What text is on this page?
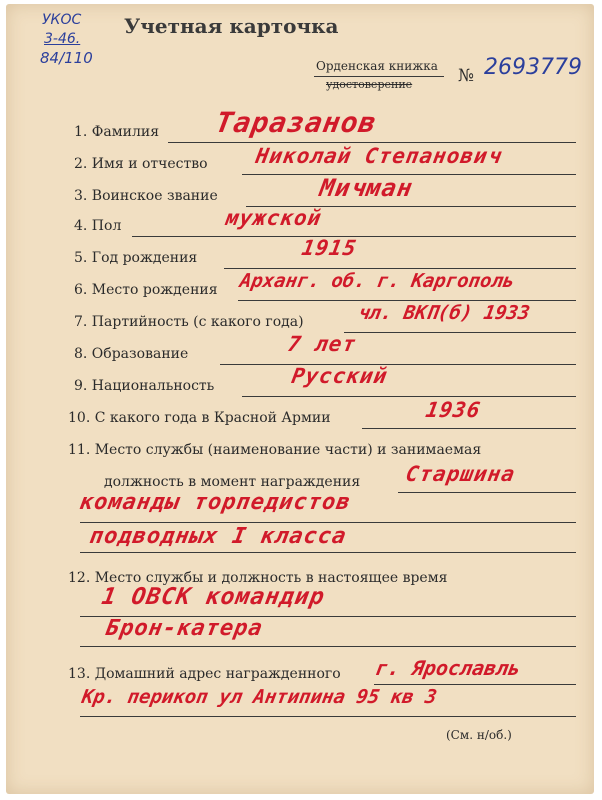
УКОС
3-46.
84/110
Учетная карточка
Орденская книжка
удостоверение	№ 2693779
1. Фамилия Таразанов
2. Имя и отчество Николай Степанович
3. Воинское звание	Мичман
4. Пол	мужской
5. Год рождения	1915
6. Место рождения Арханг. об. г. Каргополь
7. Партийность (с какого года)	чл. ВКП(б) 1933
8. Образование	7 лет
9. Национальность	Русский
10. С какого года в Красной Армии	1936
11. Место службы (наименование части) и занимаемая
должность в момент награждения Старшина
команды торпедистов
подводных I класса
12. Место службы и должность в настоящее время
1 ОВСК командир
Брон-катера
13. Домашний адрес награжденного г. Ярославль
Кр. перикоп ул Антипина 95 кв 3
(См. н/об.)
